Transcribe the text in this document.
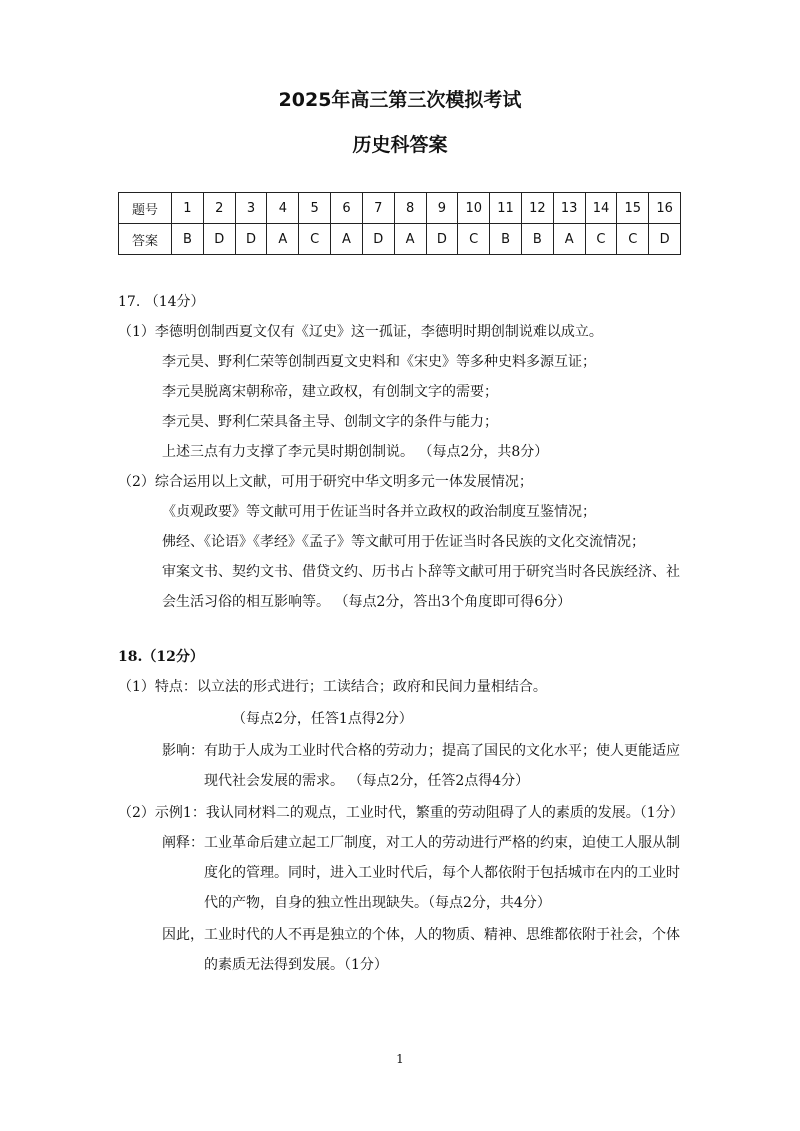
2025年高三第三次模拟考试
历史科答案
题号	1	2	3	4	5	6	7	8	9	10	11	12	13	14	15	16
答案	B	D	D	A	C	A	D	A	D	C	B	B	A	C	C	D
17. （14分）
（1）李德明创制西夏文仅有《辽史》这一孤证，李德明时期创制说难以成立。
李元昊、野利仁荣等创制西夏文史料和《宋史》等多种史料多源互证；
李元昊脱离宋朝称帝，建立政权，有创制文字的需要；
李元昊、野利仁荣具备主导、创制文字的条件与能力；
上述三点有力支撑了李元昊时期创制说。 （每点2分，共8分）
（2）综合运用以上文献，可用于研究中华文明多元一体发展情况；
《贞观政要》等文献可用于佐证当时各并立政权的政治制度互鉴情况；
佛经、《论语》《孝经》《孟子》等文献可用于佐证当时各民族的文化交流情况；
审案文书、契约文书、借贷文约、历书占卜辞等文献可用于研究当时各民族经济、社
会生活习俗的相互影响等。 （每点2分，答出3个角度即可得6分）
18.（12分）
（1）特点：以立法的形式进行；工读结合；政府和民间力量相结合。
（每点2分，任答1点得2分）
影响：有助于人成为工业时代合格的劳动力；提高了国民的文化水平；使人更能适应
现代社会发展的需求。 （每点2分，任答2点得4分）
（2）示例1：我认同材料二的观点，工业时代，繁重的劳动阻碍了人的素质的发展。（1分）
阐释：工业革命后建立起工厂制度，对工人的劳动进行严格的约束，迫使工人服从制
度化的管理。同时，进入工业时代后，每个人都依附于包括城市在内的工业时
代的产物，自身的独立性出现缺失。（每点2分，共4分）
因此，工业时代的人不再是独立的个体，人的物质、精神、思维都依附于社会，个体
的素质无法得到发展。（1分）
1
